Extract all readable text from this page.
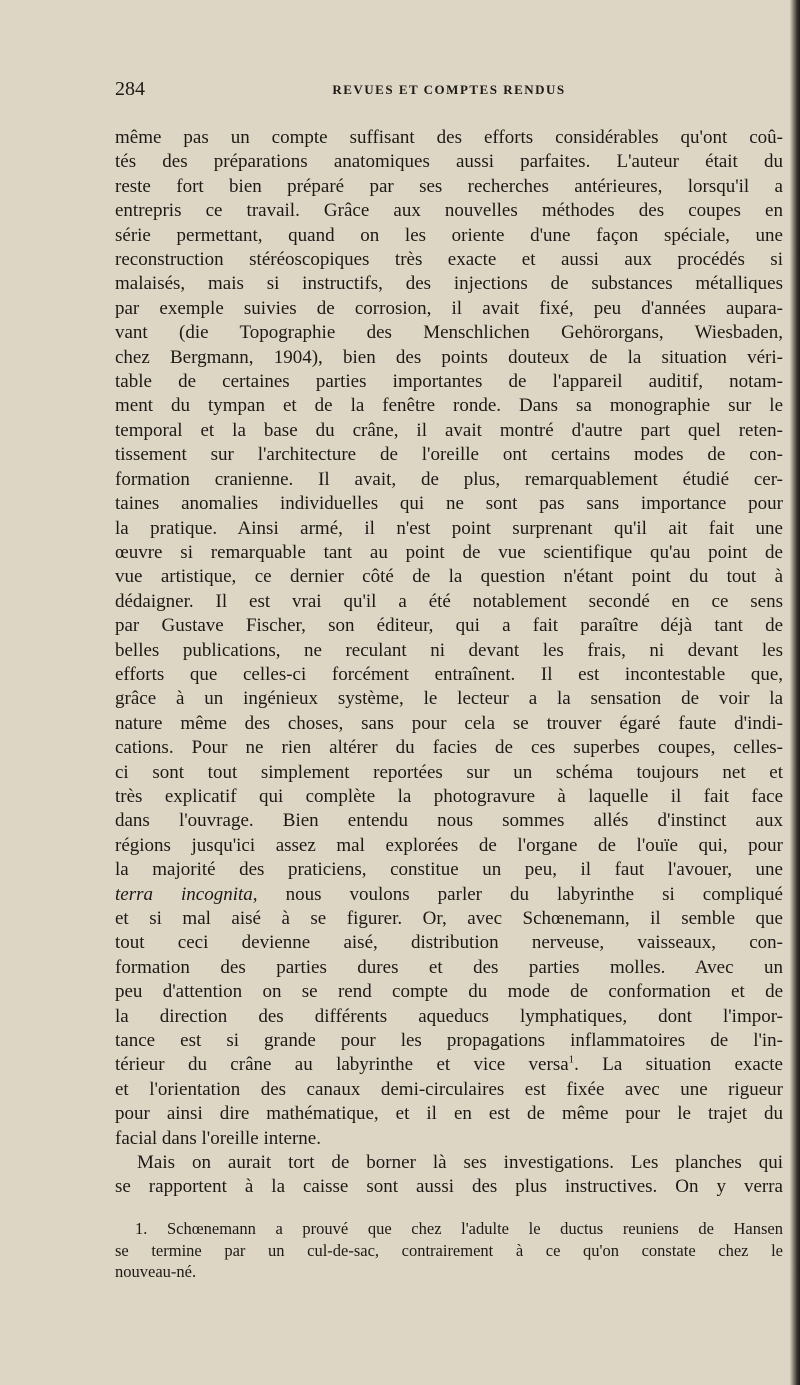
284	REVUES ET COMPTES RENDUS
même pas un compte suffisant des efforts considérables qu'ont coû-
tés des préparations anatomiques aussi parfaites. L'auteur était du
reste fort bien préparé par ses recherches antérieures, lorsqu'il a
entrepris ce travail. Grâce aux nouvelles méthodes des coupes en
série permettant, quand on les oriente d'une façon spéciale, une
reconstruction stéréoscopiques très exacte et aussi aux procédés si
malaisés, mais si instructifs, des injections de substances métalliques
par exemple suivies de corrosion, il avait fixé, peu d'années aupara-
vant (die Topographie des Menschlichen Gehörorgans, Wiesbaden,
chez Bergmann, 1904), bien des points douteux de la situation véri-
table de certaines parties importantes de l'appareil auditif, notam-
ment du tympan et de la fenêtre ronde. Dans sa monographie sur le
temporal et la base du crâne, il avait montré d'autre part quel reten-
tissement sur l'architecture de l'oreille ont certains modes de con-
formation cranienne. Il avait, de plus, remarquablement étudié cer-
taines anomalies individuelles qui ne sont pas sans importance pour
la pratique. Ainsi armé, il n'est point surprenant qu'il ait fait une
œuvre si remarquable tant au point de vue scientifique qu'au point de
vue artistique, ce dernier côté de la question n'étant point du tout à
dédaigner. Il est vrai qu'il a été notablement secondé en ce sens
par Gustave Fischer, son éditeur, qui a fait paraître déjà tant de
belles publications, ne reculant ni devant les frais, ni devant les
efforts que celles-ci forcément entraînent. Il est incontestable que,
grâce à un ingénieux système, le lecteur a la sensation de voir la
nature même des choses, sans pour cela se trouver égaré faute d'indi-
cations. Pour ne rien altérer du facies de ces superbes coupes, celles-
ci sont tout simplement reportées sur un schéma toujours net et
très explicatif qui complète la photogravure à laquelle il fait face
dans l'ouvrage. Bien entendu nous sommes allés d'instinct aux
régions jusqu'ici assez mal explorées de l'organe de l'ouïe qui, pour
la majorité des praticiens, constitue un peu, il faut l'avouer, une
terra incognita, nous voulons parler du labyrinthe si compliqué
et si mal aisé à se figurer. Or, avec Schœnemann, il semble que
tout ceci devienne aisé, distribution nerveuse, vaisseaux, con-
formation des parties dures et des parties molles. Avec un
peu d'attention on se rend compte du mode de conformation et de
la direction des différents aqueducs lymphatiques, dont l'impor-
tance est si grande pour les propagations inflammatoires de l'in-
térieur du crâne au labyrinthe et vice versa$^1$. La situation exacte
et l'orientation des canaux demi-circulaires est fixée avec une rigueur
pour ainsi dire mathématique, et il en est de même pour le trajet du
facial dans l'oreille interne.
Mais on aurait tort de borner là ses investigations. Les planches qui
se rapportent à la caisse sont aussi des plus instructives. On y verra
1. Schœnemann a prouvé que chez l'adulte le ductus reuniens de Hansen
se termine par un cul-de-sac, contrairement à ce qu'on constate chez le
nouveau-né.
